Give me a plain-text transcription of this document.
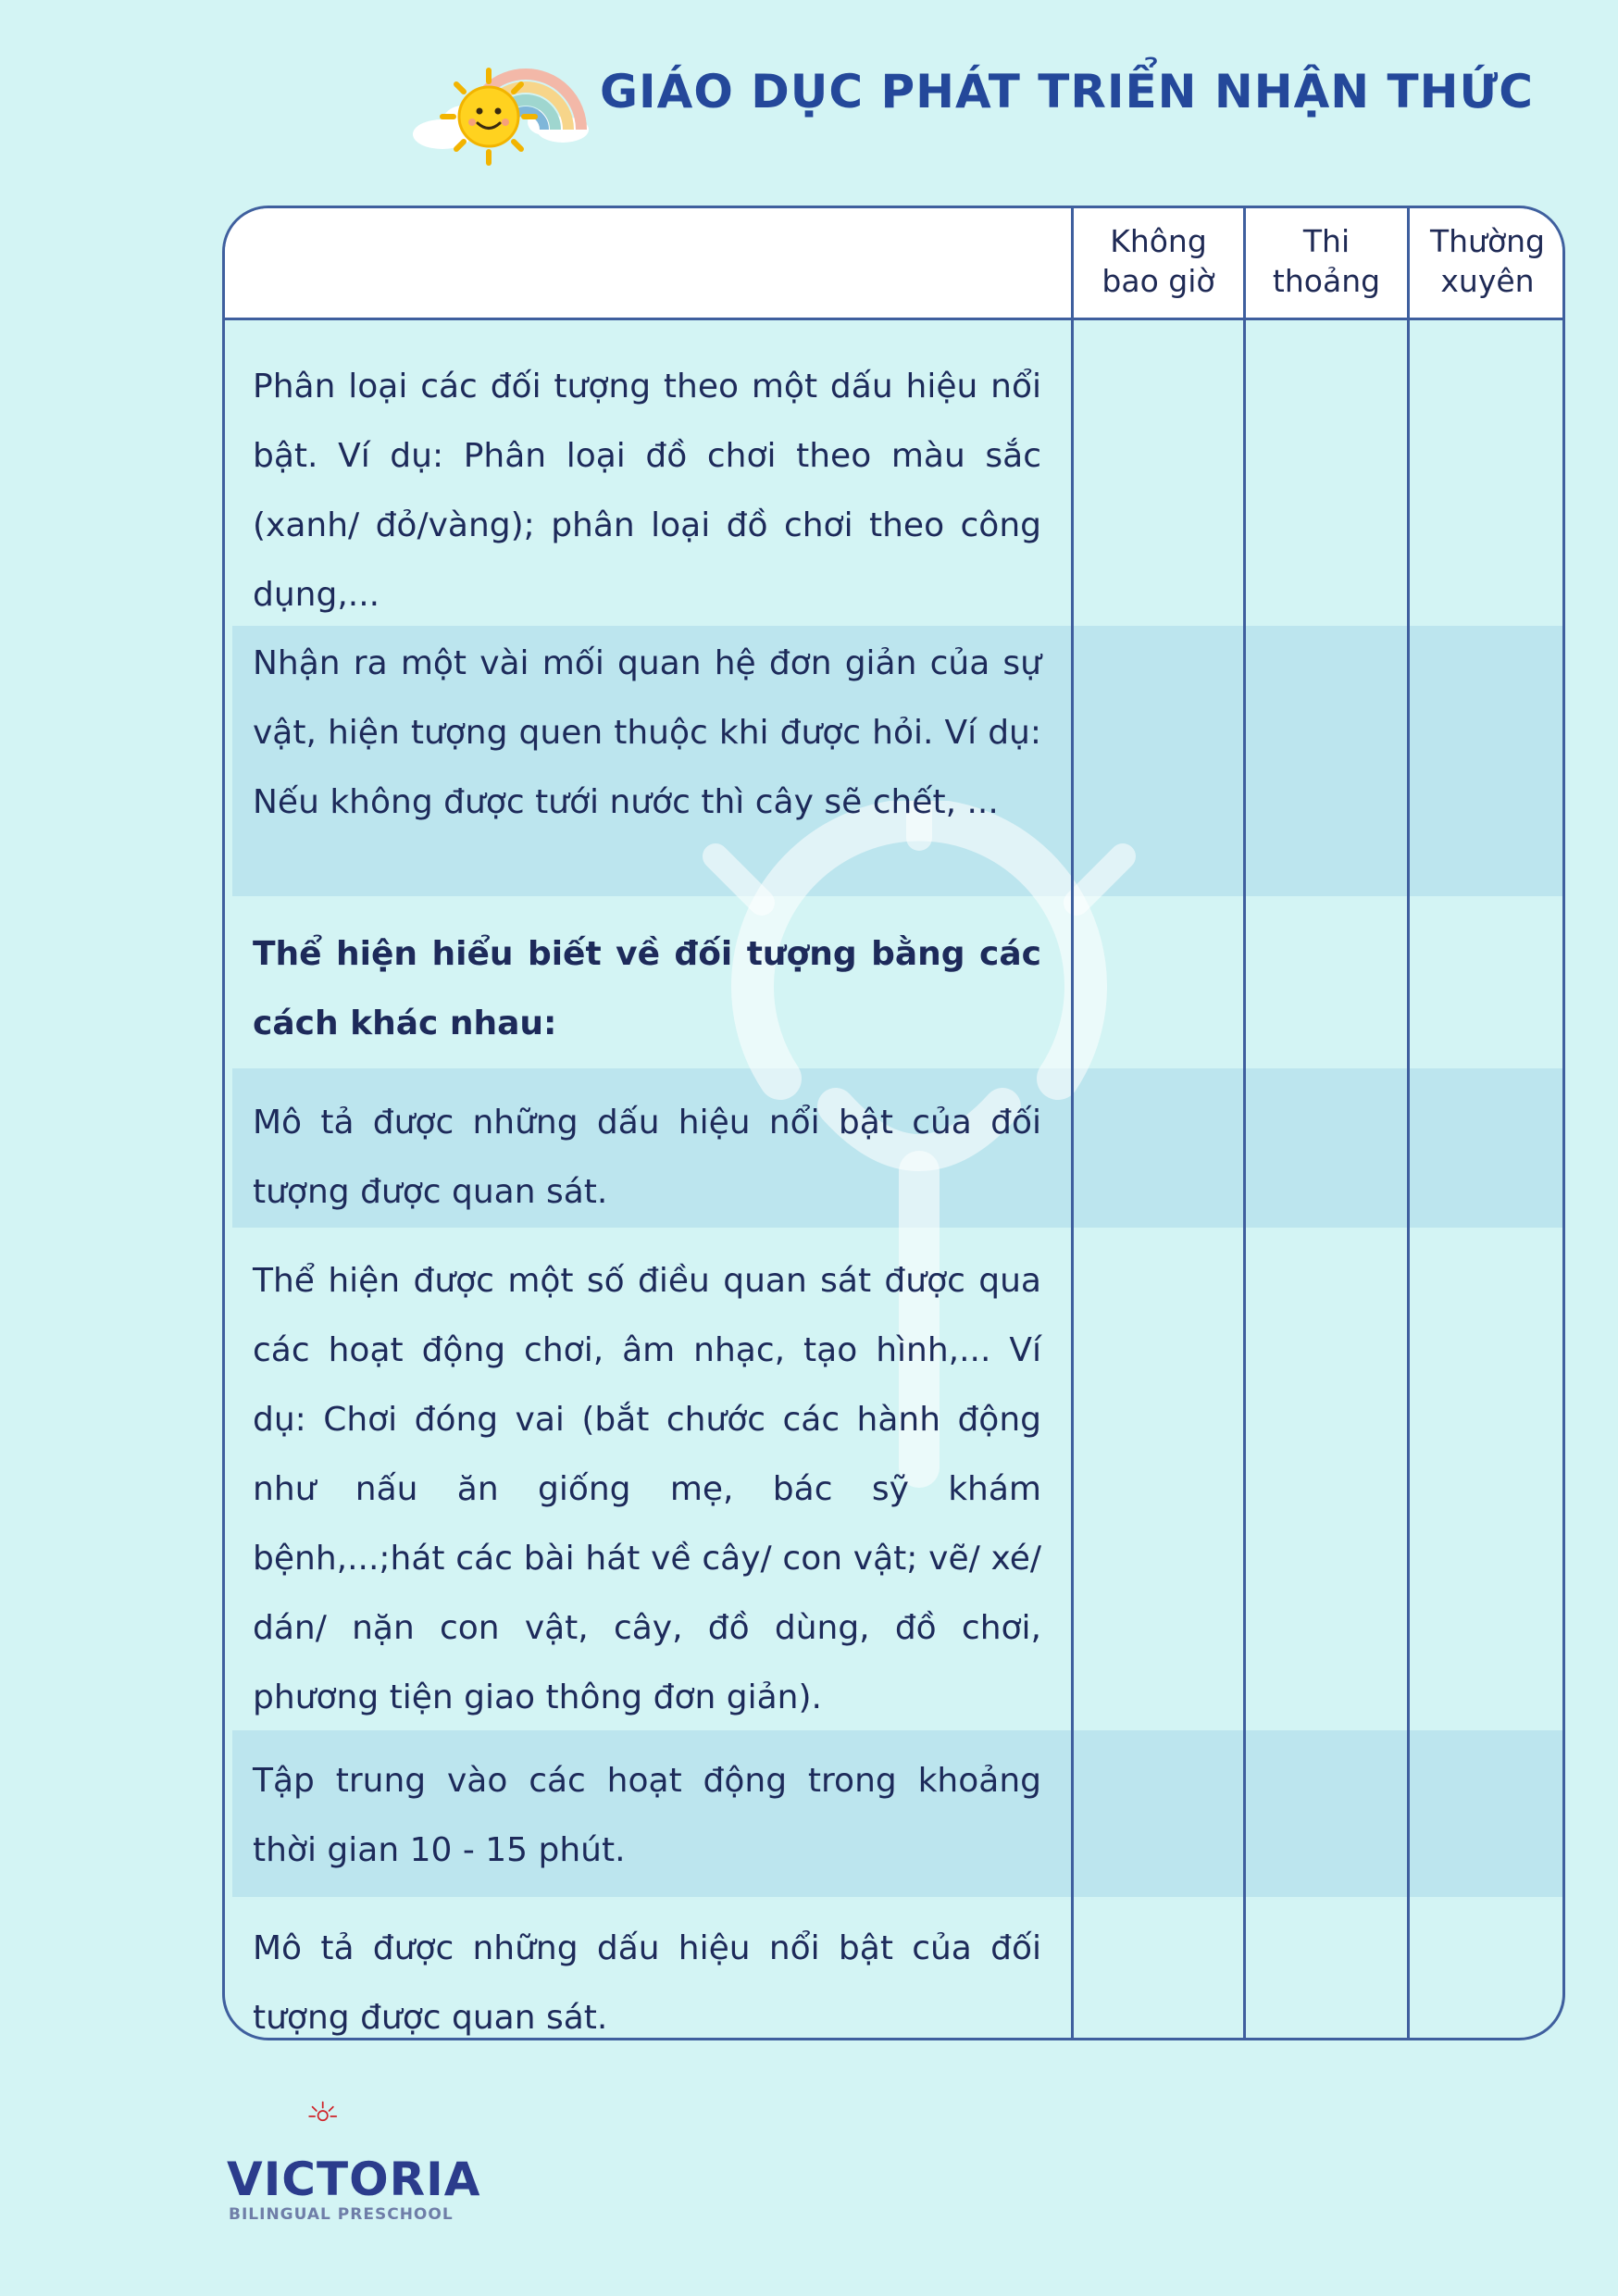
GIÁO DỤC PHÁT TRIỂN NHẬN THỨC
Không
bao giờ
Thi
thoảng
Thường
xuyên

Phân loại các đối tượng theo một dấu hiệu nổi bật. Ví dụ: Phân loại đồ chơi theo màu sắc (xanh/ đỏ/vàng); phân loại đồ chơi theo công dụng,...

Nhận ra một vài mối quan hệ đơn giản của sự vật, hiện tượng quen thuộc khi được hỏi. Ví dụ: Nếu không được tưới nước thì cây sẽ chết, ...

Thể hiện hiểu biết về đối tượng bằng các cách khác nhau:

Mô tả được những dấu hiệu nổi bật của đối tượng được quan sát.

Thể hiện được một số điều quan sát được qua các hoạt động chơi, âm nhạc, tạo hình,... Ví dụ: Chơi đóng vai (bắt chước các hành động như nấu ăn giống mẹ, bác sỹ khám bệnh,...;hát các bài hát về cây/ con vật; vẽ/ xé/ dán/ nặn con vật, cây, đồ dùng, đồ chơi, phương tiện giao thông đơn giản).

Tập trung vào các hoạt động trong khoảng thời gian 10 - 15 phút.

Mô tả được những dấu hiệu nổi bật của đối tượng được quan sát.

VICTORIA
BILINGUAL PRESCHOOL
